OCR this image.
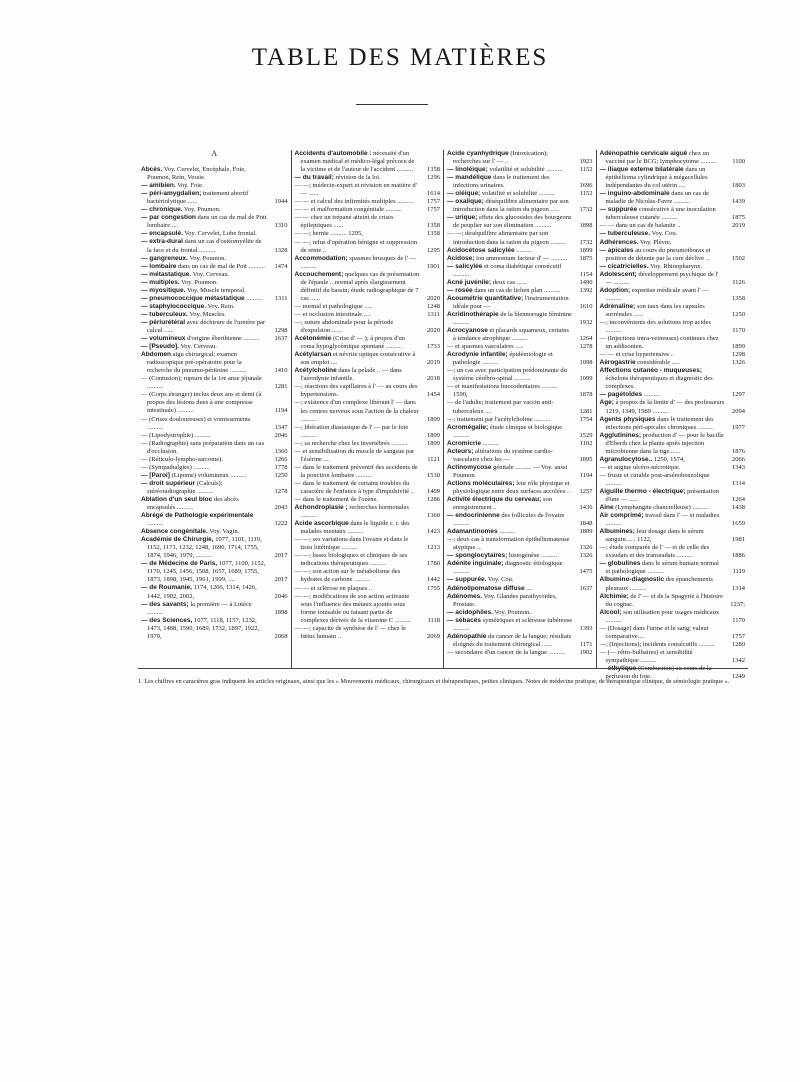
TABLE DES MATIÈRES
A
Abcès. Voy. Cervelet, Encéphale, Foie, Poumon, Rein, Vessie.
— amibien. Voy. Foie.
— péri-amygdalien; traitement abortif bactériolytique ......	1944
— chronique. Voy. Poumon.
— par congestion dans un cas de mal de Pott lombaire ....	1310
— encapsulé. Voy. Cervelet, Lobe frontal.
— extra-dural dans un cas d'ostéomyélite de la face et du frontal ..........	1328
— gangreneux. Voy. Poumon.
— lombaire dans un cas de mal de Pott .......... 1474
— métastatique. Voy. Cerveau.
— multiples. Voy. Poumon.
— myositique. Voy. Muscle temporal.
— pneumococcique métastatique .......... 1311
— staphylococcique. Voy. Rein.
— tuberculeux. Voy. Muscles.
— périurétéral avec déchirure de l'uretère par calcul ......	1298
— volumineux d'origine éberthienne .......... 1637
— [Pseudo]. Voy. Cerveau.
Abdomen aigu chirurgical; examen radioscopique pré-opératoire pour la recherche du pneumo-péritoine ..........	1410
— (Contusion); rupture de la 1re anse jéjunale ..........	1281
— (Corps étranger) inclus deux ans et demi (à propos des lésions dues à une compresse intestinale) ..........	1194
— (Crises douloureuses) et vomissements ..........	1347
— (Lipodystrophie) ..........	2046
— (Radiographie) sans préparation dans un cas d'occlusion.	1360
— (Réticulo-lympho-sarcome).	1266
— (Sympathalgies) ..........	1778
— [Paroi] (Lipome) volumineux ..........	1250
— droit supérieur (Calculs); stéréoradiographie ..........	1278
Ablation d'un seul bloc des abcès encapsulés ..........	2043
Abrégé de Pathologie expérimentale ..........	1222
Absence congénitale. Voy. Vagin.
Académie de Chirurgie, 1077, 1101, 1119, 1152, 1171, 1232, 1248, 1690, 1714, 1755, 1874, 1946, 1979, ..........	2017
— de Médecine de Paris, 1077, 1100, 1152, 1170, 1245, 1456, 1508, 1657, 1689, 1755, 1873, 1898, 1945, 1961, 1999, ....	2017
— de Roumanie, 1174, 1266, 1314, 1426, 1442, 1902, 2002,	2046
— des savants; la première — à Lutèce ..........	1898
— des Sciences, 1077, 1118, 1157, 1232, 1473, 1488, 1590, 1689, 1732, 1897, 1922, 1979,	2068
Accidents d'automobile : nécessité d'un examen médical et médico-légal précoce de la victime et de l'auteur de l'accident .......... 1358
— du travail; révision de la loi.	1296
— —; médecin-expert et révision en matière d' — ......	1614
— — et calcul des infirmités multiples .......... 1757
— — et malformation congénitale ..........	1757
— — chez un trépané atteint de crises épileptiques ......	1358
— —; hernie .......... 1295,	1358
— —; refus d'opération bénigne et suppression de rente ..	1295
Accommodation; spasmes brusques de l' — ..........	1901
Accouchement; quelques cas de présentation de l'épaule .. normal après élargissement définitif du bassin; étude radiographique de 7 cas ......	2020
— normal et pathologique .....	1248
— et occlusion intestinale ....	1311
—; suture abdominale pour la période d'expulsion ......	2020
Acétonémie (Crise d' — ); à propos d'un coma hypoglycémique spontané ..........	1733
Acétylarsan et névrite optique consécutive à son emploi ....	2019
Acétylcholine dans la pelade .. — dans l'aérodynie infantile.	2018
—; réactions des capillaires à l' — au cours des hypertensions.	1454
—; existence d'un complexe libérant l' — dans les centres nerveux sous l'action de la chaleur ..........	1899
—; libération diastasique de l' — par le foie ..........	1899
—; sa recherche chez les invertébrés ..........	1899
— et sensibilisation du muscle de sangsue par l'ésérine ....	1121
— dans le traitement préventif des accidents de la ponction lombaire ..........	1530
— dans le traitement de certains troubles du caractère de l'enfance à type d'impulsivité .. 1409
— dans le traitement de l'ozène.	1286
Achondroplasie ; recherches hormonales ..........	1360
Acide ascorbique dans le liquide c. r. des malades mentaux ..........	1423
— —; ses variations dans l'ovaire et dans le tissu lutéinique ..........	1213
— —; bases biologiques et cliniques de ses indications thérapeutiques ..........	1780
— —; son action sur le métabolisme des hydrates de carbone ..........	1442
— — et sclérose en plaques ..	1755
— —; modifications de son action activante sous l'influence des métaux ajoutés sous forme ionisable ou faisant partie de complexes dérivés de la vitamine C ..........	1118
— —; capacité de synthèse de l' — chez le fœtus humain ..	2069
Acide cyanhydrique (Intoxication); recherches sur l' — ..	1923
— linoléique; volatilité et solubilité ..........	1152
— mandélique dans le traitement des infections urinaires.	1696
— oléique; volatilité et solubilité ..........	1152
— oxalique; déséquilibre alimentaire par son introduction dans la ration du pigeon .....	1732
— urique; effets des glucosides des bourgeons de peuplier sur son élimination ..........	1898
— —; déséquilibre alimentaire par son introduction dans la ration du pigeon .......... 1732
Acidocétose salicylée ..........	1899
Acidose; ion ammonium facteur d' — .......... 1875
— salicylée et coma diabétique consécutif ..........	1154
Acné juvénile; deux cas ......	1490
— rosée dans un cas de lichen plan ..........	1392
Acoumétrie quantitative; l'instrumentation idéale pour —	1610
Acridinothérapie de la blennorragie féminine ..........	1932
Acrocyanose et placards squameux, certains à tendance atrophique ..........	1264
— et spasmes vasculaires .....	1278
Acrodynie infantile; épidémiologie et pathologie ..........	1098
—; un cas avec participation prédominante du système cérébro-spinal ..........	1099
— et manifestations buccodentaires .......... 1590,	1878
— de l'adulte; traitement par vaccin anti-tuberculeux ....	1281
—; traitement par l'acétylcholine ..........	1754
Acromégalie; étude clinique et biologique ..........	1529
Acromicrie ..........	1102
Acteurs; altérations du système cardio-vasculaire chez les —	1895
Actinomycose génitale .......... — Voy. aussi Poumon.	1194
Actions moléculaires; leur rôle physique et physiologique entre deux surfaces accolées .. 1257
Activité électrique du cerveau; son enregistrement ..	1436
— endocrinienne des follicules de l'ovaire ..........	1848
Adamantinomes ..........	1809
—; deux cas à transformation épithéliomateuse atypique ...	1326
— spongiocytaires; histogénèse ..........	1326
Adénite inguinale; diagnostic étiologique ..........	1475
— suppurée. Voy. Cou.
Adénolipomatose diffuse ....	1637
Adénomes. Voy. Glandes parathyroïdes, Prostate.
— acidophiles. Voy. Poumon.
— sébacés symétriques et scléreuse tubéreuse ..........	1393
Adénopathie du cancer de la langue; résultats éloignés du traitement chirurgical ......	1171
— secondaire d'un cancer de la langue .......... 1902
Adénopathie cervicale aiguë chez un vacciné par le BCG; lymphocytome .......... 1100
— iliaque externe bilatérale dans un épithélioma cylindrique à mégacellules indépendantes du col utérin ....	1803
— inguino-abdominale dans un cas de maladie de Nicolas-Favre ..........	1439
— suppurée consécutive à une inoculation tuberculeuse cutanée ..........	1875
— — dans un cas de balanite ..	2019
— tuberculeuse. Voy. Cou.
Adhérences. Voy. Plèvre.
— apicales au cours du pneumothorax et position de détente par la cure déclive ..	1502
— cicatricielles. Voy. Rhinopharynx.
Adolescent; développement psychique de l' — ..........	1126
Adoption; expertise médicale avant l' — ..........	1358
Adrénaline; son taux dans les capsules surrénales ......	1250
—; inconvénients des solutions trop acides ..........	1170
— (Injections intra-veineuses) continues chez un addisonien.	1899
— — et crise hypertensive ..	1298
Aérogastrie considérable .....	1326
Affections cutanéo - muqueuses; échelons thérapeutiques et diagnostic des complexes.
— pagétoïdes ..........	1297
Age; à propos de la limite d' — des professeurs 1219, 1349, 1989 ..........	2094
Agents physiques dans le traitement des infections péri-apicales chroniques ..........	1977
Agglutinines; production d' — pour le bacille d'Eberth chez la plante après injection microbienne dans la tige.......	1876
Agranulocytose.. 1250, 1574,	2066
— et angine ulcéro-nécrotique.	1343
— fruste et curable post-arsénobenzolique ..........	1314
Aiguille thermo - électrique; présentation d'une — ......	1264
Aine (Lymphangite chancrelleuse) ..........	1438
Air comprimé; travail dans l' — et maladies ..........	1659
Albumines; leur dosage dans le sérum sanguin...... 1122,	1981
—; étude comparée de l' — et de celle des exsudats et des transsudats ..........	1886
— globulines dans le sérum humain normal et pathologique ..........	1119
Albumino-diagnostic des épanchements pleuraux ..........	1314
Alchimie; de l' — et de la Spagyrie à l'histoire du cognac.	1237;
Alcool; son utilisation pour usages médicaux ..........	1179
— (Dosage) dans l'urine et le sang; valeur comparative....	1757
—; (Injections); incidents consécutifs ..........	1280
— (— rétro-bulbaires) et sensibilité sympathique ..........	1342
— éthylique (Combustion) au cours de la perfusion du foie.	1249
1. Les chiffres en caractères gras indiquent les articles originaux, ainsi que les « Mouvements médicaux, chirurgicaux et thérapeutiques, petites cliniques. Notes de médecine pratique, de thérapeutique clinique, de sémiologie pratique ».
